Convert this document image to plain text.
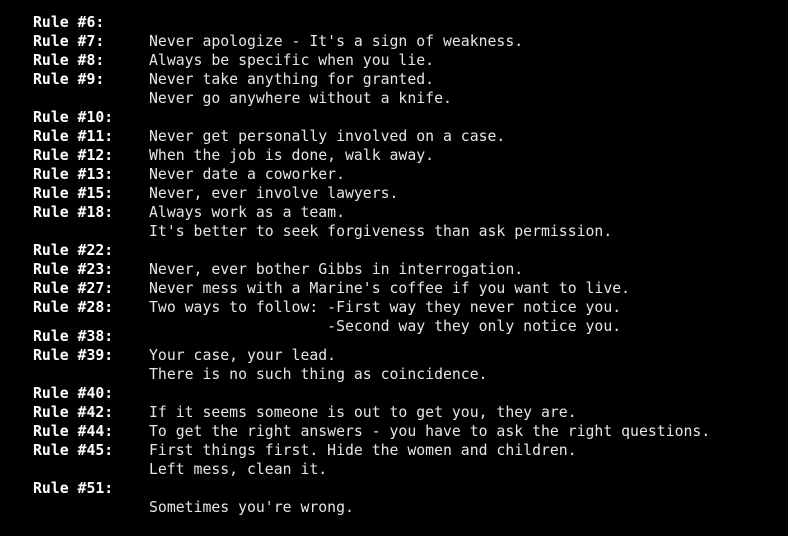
Rule #6:

Never apologize - It's a sign of weakness.

Rule #7:

Always be specific when you lie.

Rule #8:

Never take anything for granted.

Rule #9:

Never go anywhere without a knife.

Rule #10:

Never get personally involved on a case.

Rule #11:

When the job is done, walk away.

Rule #12:

Never date a coworker.

Rule #13:

Never, ever involve lawyers.

Rule #15:

Always work as a team.

Rule #18:

It's better to seek forgiveness than ask permission.

Rule #22:

Never, ever bother Gibbs in interrogation.

Rule #23:

Never mess with a Marine's coffee if you want to live.

Rule #27:

Two ways to follow: -First way they never notice you.

Rule #28:

-Second way they only notice you.

Rule #38:

Your case, your lead.

Rule #39:

There is no such thing as coincidence.

Rule #40:

If it seems someone is out to get you, they are.

Rule #42:

To get the right answers - you have to ask the right questions.

Rule #44:

First things first. Hide the women and children.

Rule #45:

Left mess, clean it.

Rule #51:

Sometimes you're wrong.
